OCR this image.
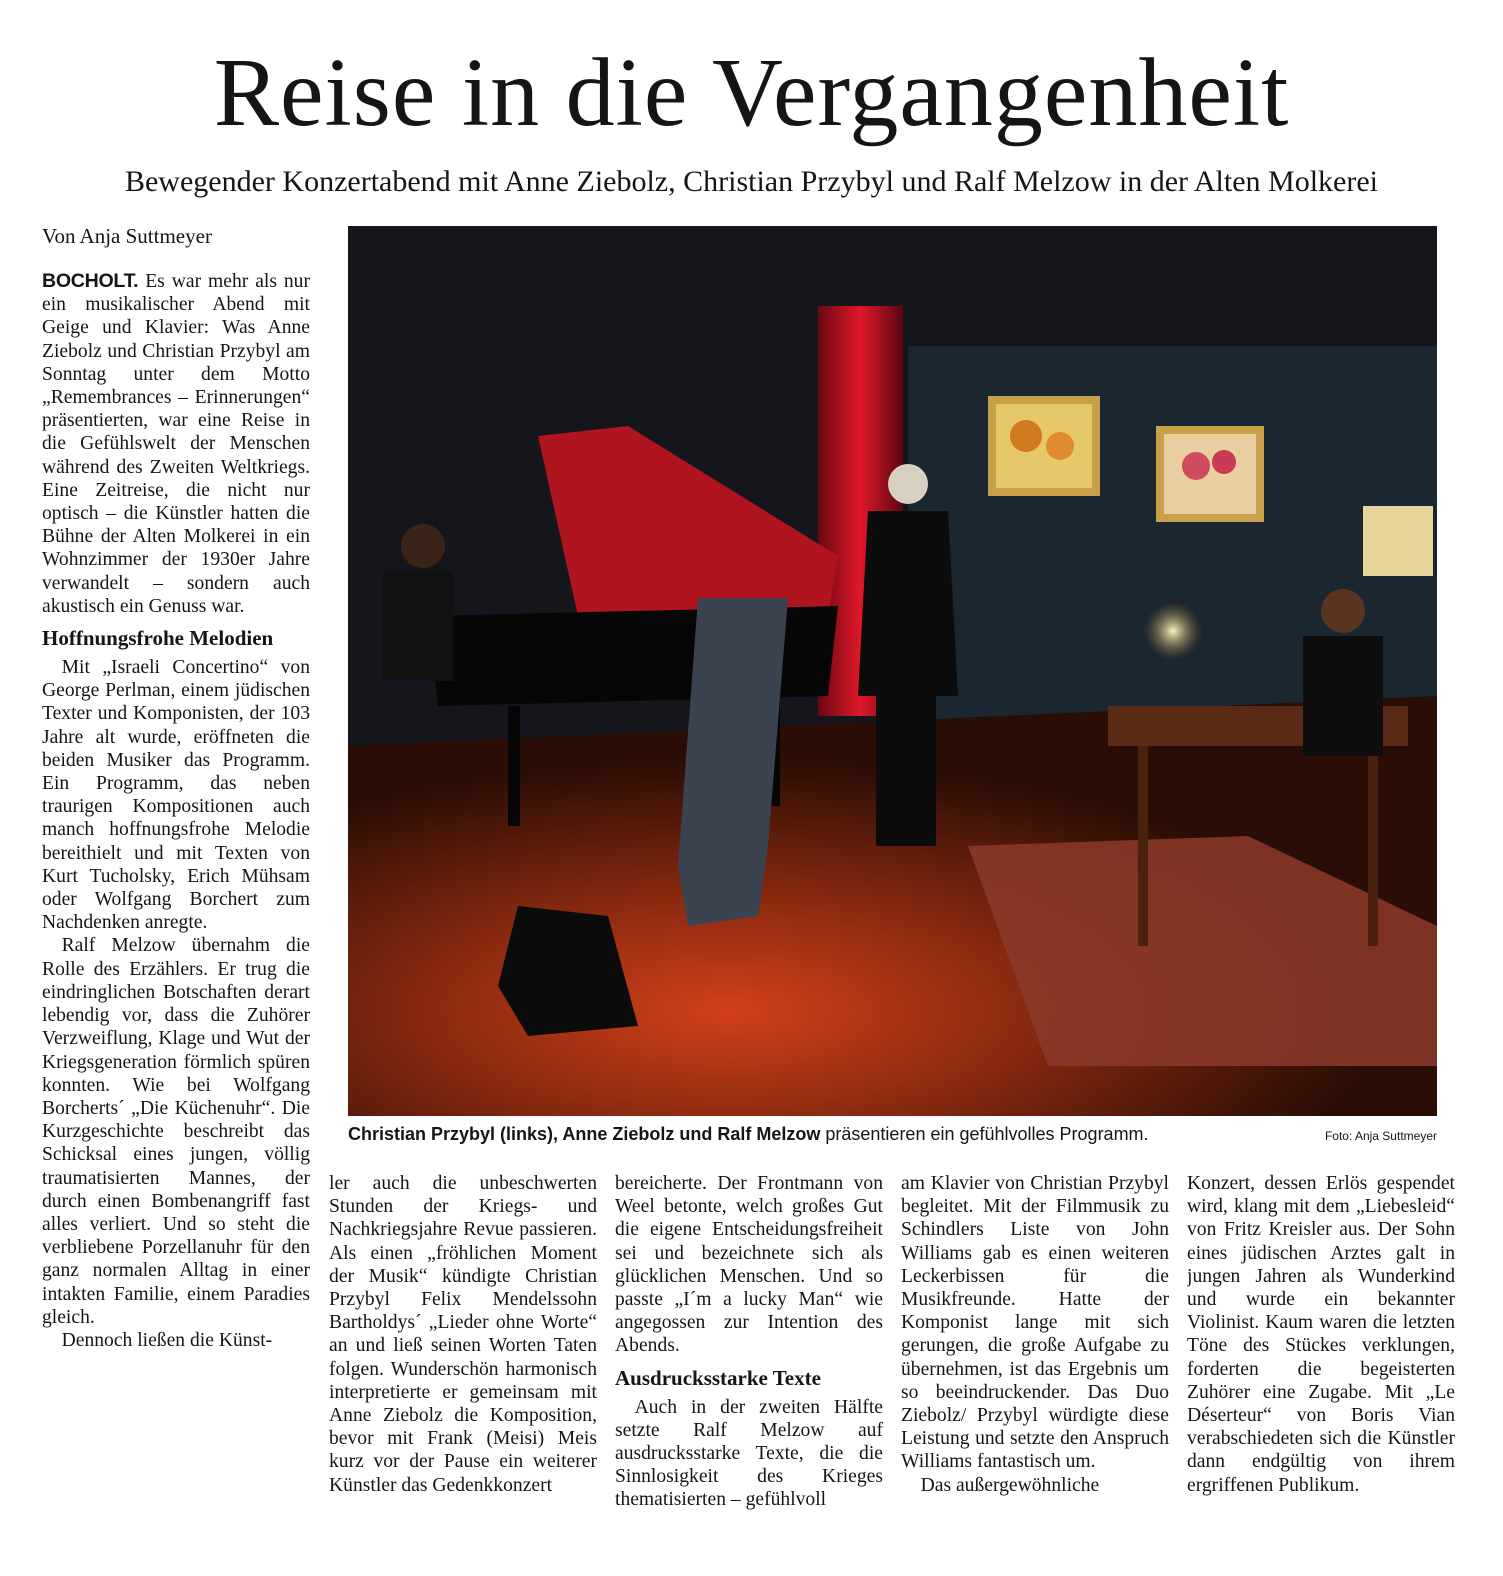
Reise in die Vergangenheit
Bewegender Konzertabend mit Anne Ziebolz, Christian Przybyl und Ralf Melzow in der Alten Molkerei
Von Anja Suttmeyer
Christian Przybyl (links), Anne Ziebolz und Ralf Melzow präsentieren ein gefühlvolles Programm.	Foto: Anja Suttmeyer

BOCHOLT. Es war mehr als nur ein musikalischer Abend mit Geige und Klavier: Was Anne Ziebolz und Christian Przybyl am Sonntag unter dem Motto „Remembrances – Erinnerungen“ präsentierten, war eine Reise in die Gefühlswelt der Menschen während des Zweiten Weltkriegs. Eine Zeitreise, die nicht nur optisch – die Künstler hatten die Bühne der Alten Molkerei in ein Wohnzimmer der 1930er Jahre verwandelt – sondern auch akustisch ein Genuss war.

Hoffnungsfrohe Melodien

Mit „Israeli Concertino“ von George Perlman, einem jüdischen Texter und Komponisten, der 103 Jahre alt wurde, eröffneten die beiden Musiker das Programm. Ein Programm, das neben traurigen Kompositionen auch manch hoffnungsfrohe Melodie bereithielt und mit Texten von Kurt Tucholsky, Erich Mühsam oder Wolfgang Borchert zum Nachdenken anregte.

Ralf Melzow übernahm die Rolle des Erzählers. Er trug die eindringlichen Botschaften derart lebendig vor, dass die Zuhörer Verzweiflung, Klage und Wut der Kriegsgeneration förmlich spüren konnten. Wie bei Wolfgang Borcherts´ „Die Küchenuhr“. Die Kurzgeschichte beschreibt das Schicksal eines jungen, völlig traumatisierten Mannes, der durch einen Bombenangriff fast alles verliert. Und so steht die verbliebene Porzellanuhr für den ganz normalen Alltag in einer intakten Familie, einem Paradies gleich.

Dennoch ließen die Künst-

ler auch die unbeschwerten Stunden der Kriegs- und Nachkriegsjahre Revue passieren. Als einen „fröhlichen Moment der Musik“ kündigte Christian Przybyl Felix Mendelssohn Bartholdys´ „Lieder ohne Worte“ an und ließ seinen Worten Taten folgen. Wunderschön harmonisch interpretierte er gemeinsam mit Anne Ziebolz die Komposition, bevor mit Frank (Meisi) Meis kurz vor der Pause ein weiterer Künstler das Gedenkkonzert

bereicherte. Der Frontmann von Weel betonte, welch großes Gut die eigene Entscheidungsfreiheit sei und bezeichnete sich als glücklichen Menschen. Und so passte „I´m a lucky Man“ wie angegossen zur Intention des Abends.

Ausdrucksstarke Texte

Auch in der zweiten Hälfte setzte Ralf Melzow auf ausdrucksstarke Texte, die die Sinnlosigkeit des Krieges thematisierten – gefühlvoll

am Klavier von Christian Przybyl begleitet. Mit der Filmmusik zu Schindlers Liste von John Williams gab es einen weiteren Leckerbissen für die Musikfreunde. Hatte der Komponist lange mit sich gerungen, die große Aufgabe zu übernehmen, ist das Ergebnis um so beeindruckender. Das Duo Ziebolz/ Przybyl würdigte diese Leistung und setzte den Anspruch Williams fantastisch um.

Das außergewöhnliche

Konzert, dessen Erlös gespendet wird, klang mit dem „Liebesleid“ von Fritz Kreisler aus. Der Sohn eines jüdischen Arztes galt in jungen Jahren als Wunderkind und wurde ein bekannter Violinist. Kaum waren die letzten Töne des Stückes verklungen, forderten die begeisterten Zuhörer eine Zugabe. Mit „Le Déserteur“ von Boris Vian verabschiedeten sich die Künstler dann endgültig von ihrem ergriffenen Publikum.
